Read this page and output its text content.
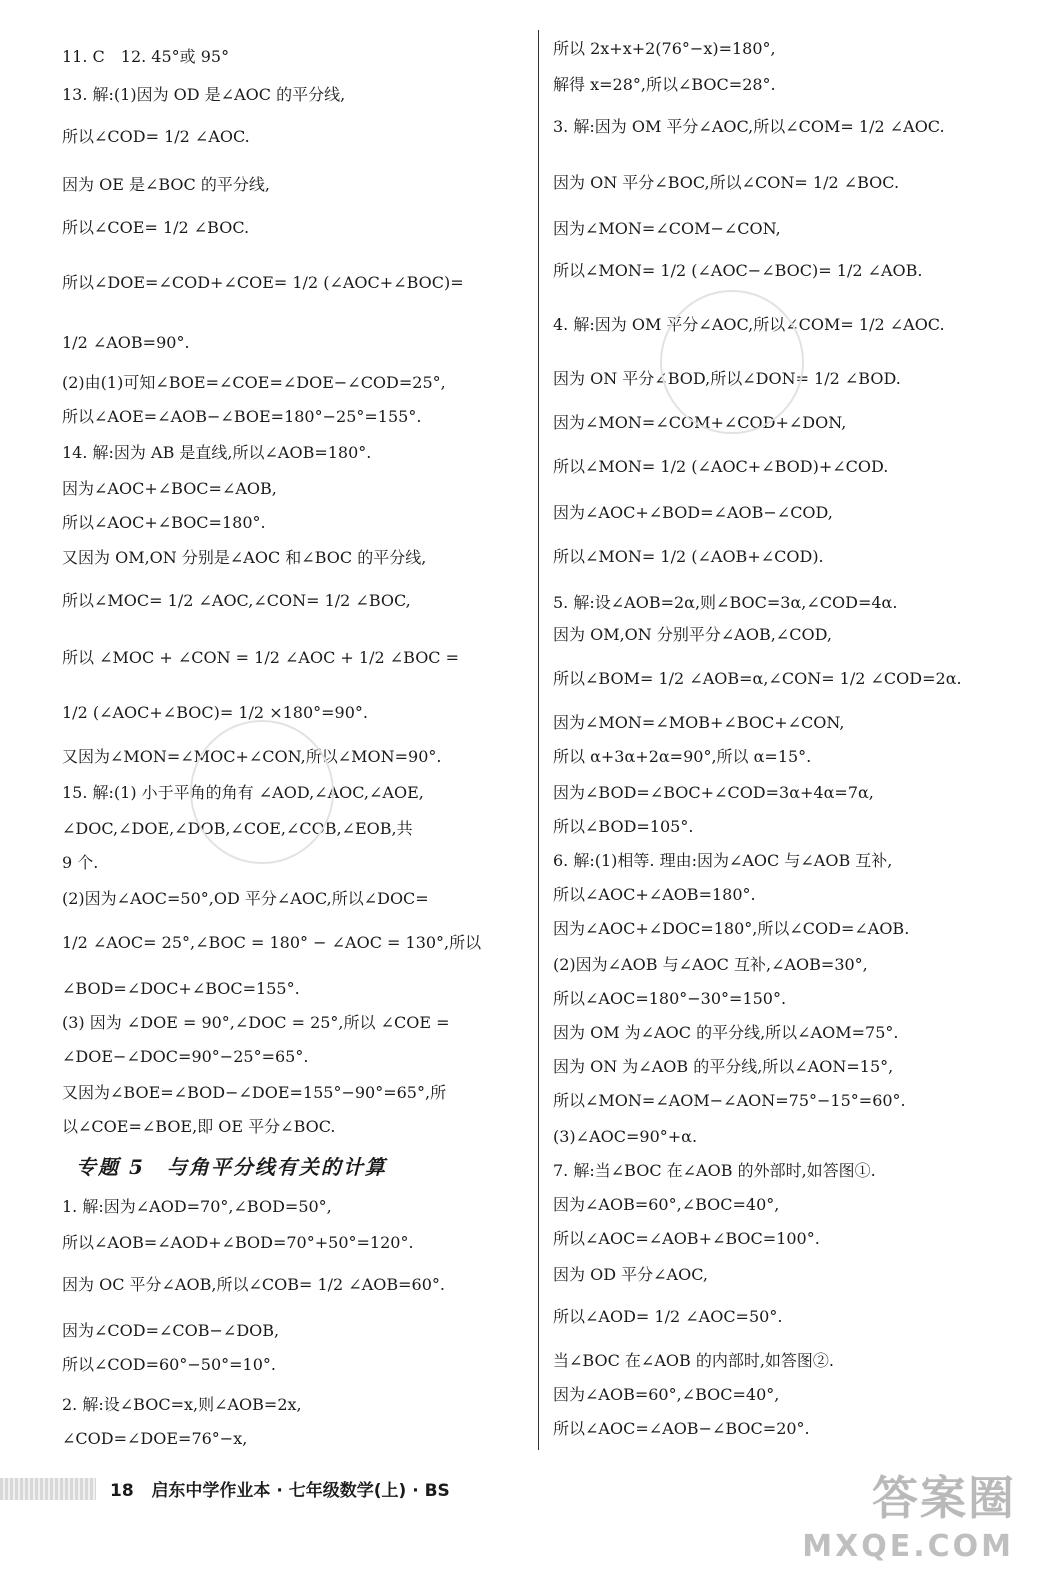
11. C　12. 45°或 95°
13. 解:(1)因为 OD 是∠AOC 的平分线,
所以∠COD= 1/2 ∠AOC.
因为 OE 是∠BOC 的平分线,
所以∠COE= 1/2 ∠BOC.
所以∠DOE=∠COD+∠COE= 1/2 (∠AOC+∠BOC)=
1/2 ∠AOB=90°.
(2)由(1)可知∠BOE=∠COE=∠DOE−∠COD=25°,
所以∠AOE=∠AOB−∠BOE=180°−25°=155°.
14. 解:因为 AB 是直线,所以∠AOB=180°.
因为∠AOC+∠BOC=∠AOB,
所以∠AOC+∠BOC=180°.
又因为 OM,ON 分别是∠AOC 和∠BOC 的平分线,
所以∠MOC= 1/2 ∠AOC,∠CON= 1/2 ∠BOC,
所以 ∠MOC + ∠CON = 1/2 ∠AOC + 1/2 ∠BOC =
1/2 (∠AOC+∠BOC)= 1/2 ×180°=90°.
又因为∠MON=∠MOC+∠CON,所以∠MON=90°.
15. 解:(1) 小于平角的角有 ∠AOD,∠AOC,∠AOE,
∠DOC,∠DOE,∠DOB,∠COE,∠COB,∠EOB,共
9 个.
(2)因为∠AOC=50°,OD 平分∠AOC,所以∠DOC=
1/2 ∠AOC= 25°,∠BOC = 180° − ∠AOC = 130°,所以
∠BOD=∠DOC+∠BOC=155°.
(3) 因为 ∠DOE = 90°,∠DOC = 25°,所以 ∠COE =
∠DOE−∠DOC=90°−25°=65°.
又因为∠BOE=∠BOD−∠DOE=155°−90°=65°,所
以∠COE=∠BOE,即 OE 平分∠BOC.
专题 5　与角平分线有关的计算
1. 解:因为∠AOD=70°,∠BOD=50°,
所以∠AOB=∠AOD+∠BOD=70°+50°=120°.
因为 OC 平分∠AOB,所以∠COB= 1/2 ∠AOB=60°.
因为∠COD=∠COB−∠DOB,
所以∠COD=60°−50°=10°.
2. 解:设∠BOC=x,则∠AOB=2x,
∠COD=∠DOE=76°−x,
所以 2x+x+2(76°−x)=180°,
解得 x=28°,所以∠BOC=28°.
3. 解:因为 OM 平分∠AOC,所以∠COM= 1/2 ∠AOC.
因为 ON 平分∠BOC,所以∠CON= 1/2 ∠BOC.
因为∠MON=∠COM−∠CON,
所以∠MON= 1/2 (∠AOC−∠BOC)= 1/2 ∠AOB.
4. 解:因为 OM 平分∠AOC,所以∠COM= 1/2 ∠AOC.
因为 ON 平分∠BOD,所以∠DON= 1/2 ∠BOD.
因为∠MON=∠COM+∠COD+∠DON,
所以∠MON= 1/2 (∠AOC+∠BOD)+∠COD.
因为∠AOC+∠BOD=∠AOB−∠COD,
所以∠MON= 1/2 (∠AOB+∠COD).
5. 解:设∠AOB=2α,则∠BOC=3α,∠COD=4α.
因为 OM,ON 分别平分∠AOB,∠COD,
所以∠BOM= 1/2 ∠AOB=α,∠CON= 1/2 ∠COD=2α.
因为∠MON=∠MOB+∠BOC+∠CON,
所以 α+3α+2α=90°,所以 α=15°.
因为∠BOD=∠BOC+∠COD=3α+4α=7α,
所以∠BOD=105°.
6. 解:(1)相等. 理由:因为∠AOC 与∠AOB 互补,
所以∠AOC+∠AOB=180°.
因为∠AOC+∠DOC=180°,所以∠COD=∠AOB.
(2)因为∠AOB 与∠AOC 互补,∠AOB=30°,
所以∠AOC=180°−30°=150°.
因为 OM 为∠AOC 的平分线,所以∠AOM=75°.
因为 ON 为∠AOB 的平分线,所以∠AON=15°,
所以∠MON=∠AOM−∠AON=75°−15°=60°.
(3)∠AOC=90°+α.
7. 解:当∠BOC 在∠AOB 的外部时,如答图①.
因为∠AOB=60°,∠BOC=40°,
所以∠AOC=∠AOB+∠BOC=100°.
因为 OD 平分∠AOC,
所以∠AOD= 1/2 ∠AOC=50°.
当∠BOC 在∠AOB 的内部时,如答图②.
因为∠AOB=60°,∠BOC=40°,
所以∠AOC=∠AOB−∠BOC=20°.
18 启东中学作业本 · 七年级数学(上) · BS	答案圈
MXQE.COM
